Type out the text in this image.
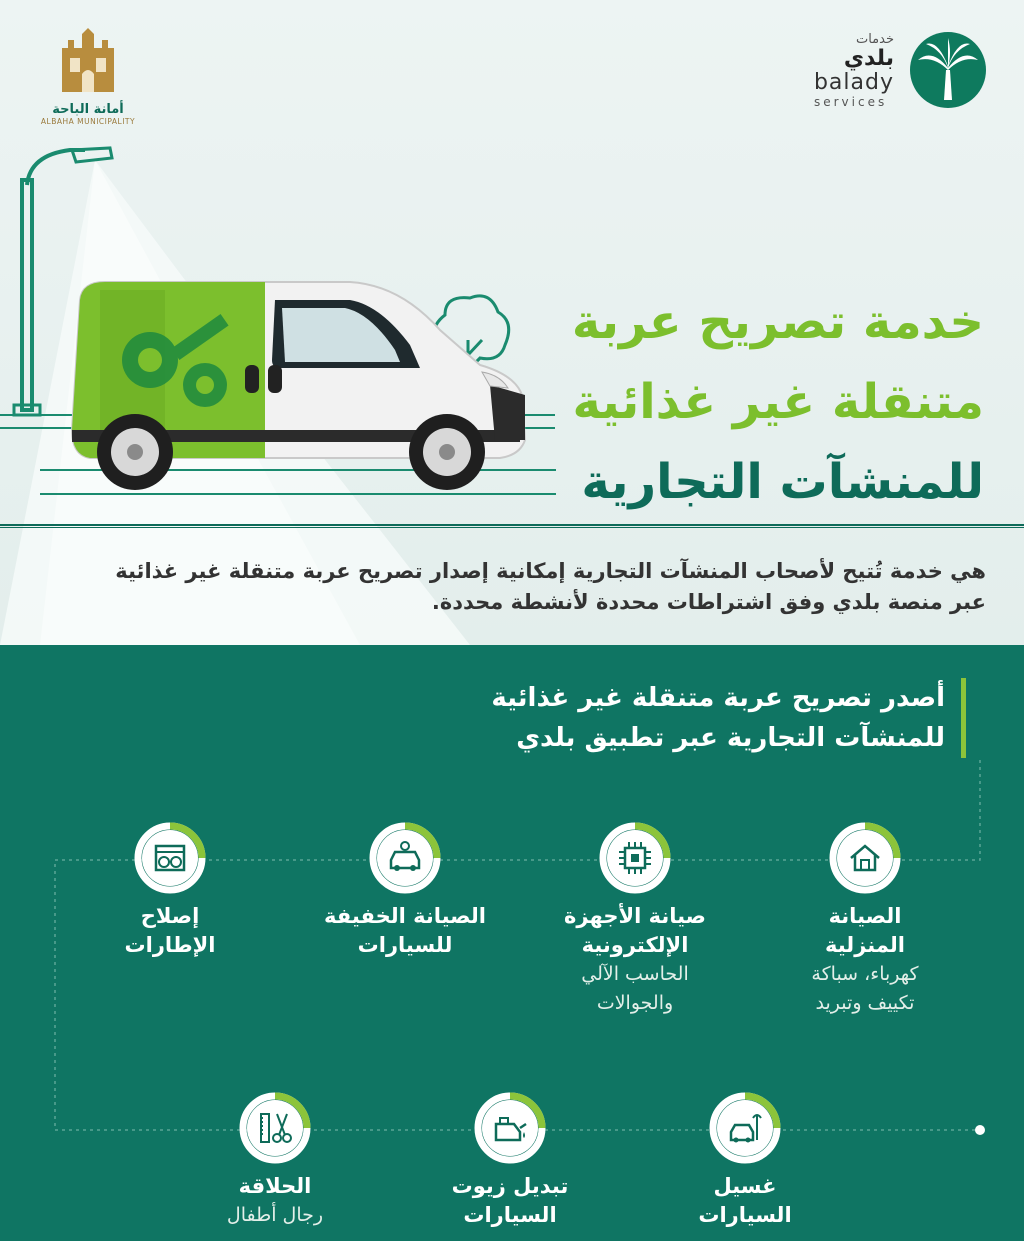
خدمات
بلدي
balady
services
أمانة الباحة
ALBAHA MUNICIPALITY
خدمة تصريح عربة
متنقلة غير غذائية
للمنشآت التجارية
هي خدمة تُتيح لأصحاب المنشآت التجارية إمكانية إصدار تصريح عربة متنقلة غير غذائية
عبر منصة بلدي وفق اشتراطات محددة لأنشطة محددة.
أصدر تصريح عربة متنقلة غير غذائية
للمنشآت التجارية عبر تطبيق بلدي
الصيانة
المنزلية
كهرباء، سباكة
تكييف وتبريد
صيانة الأجهزة
الإلكترونية
الحاسب الآلي
والجوالات
الصيانة الخفيفة
للسيارات
إصلاح
الإطارات
غسيل
السيارات
تبديل زيوت
السيارات
الحلاقة
رجال أطفال
